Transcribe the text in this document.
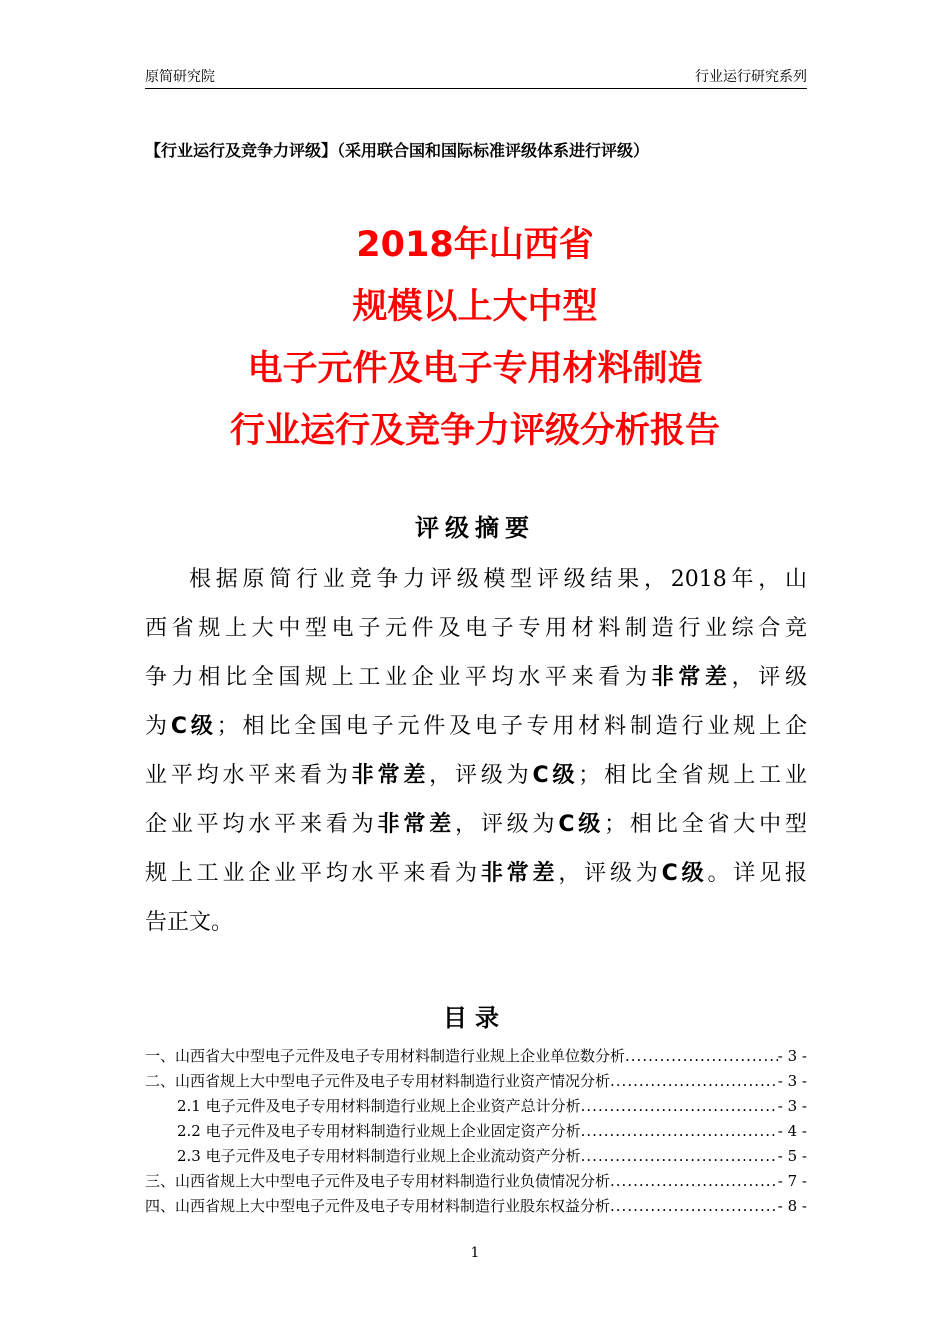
原简研究院	行业运行研究系列
【行业运行及竞争力评级】（采用联合国和国际标准评级体系进行评级）
2018年山西省
规模以上大中型
电子元件及电子专用材料制造
行业运行及竞争力评级分析报告
评级摘要
根据原简行业竞争力评级模型评级结果，2018年，山
西省规上大中型电子元件及电子专用材料制造行业综合竞
争力相比全国规上工业企业平均水平来看为非常差，评级
为C级；相比全国电子元件及电子专用材料制造行业规上企
业平均水平来看为非常差，评级为C级；相比全省规上工业
企业平均水平来看为非常差，评级为C级；相比全省大中型
规上工业企业平均水平来看为非常差，评级为C级。详见报
告正文。
目录
一、山西省大中型电子元件及电子专用材料制造行业规上企业单位数分析 .....	- 3 -
二、山西省规上大中型电子元件及电子专用材料制造行业资产情况分析 .....	- 3 -
2.1 电子元件及电子专用材料制造行业规上企业资产总计分析 .....	- 3 -
2.2 电子元件及电子专用材料制造行业规上企业固定资产分析 .....	- 4 -
2.3 电子元件及电子专用材料制造行业规上企业流动资产分析 .....	- 5 -
三、山西省规上大中型电子元件及电子专用材料制造行业负债情况分析 .....	- 7 -
四、山西省规上大中型电子元件及电子专用材料制造行业股东权益分析 .....	- 8 -
1
